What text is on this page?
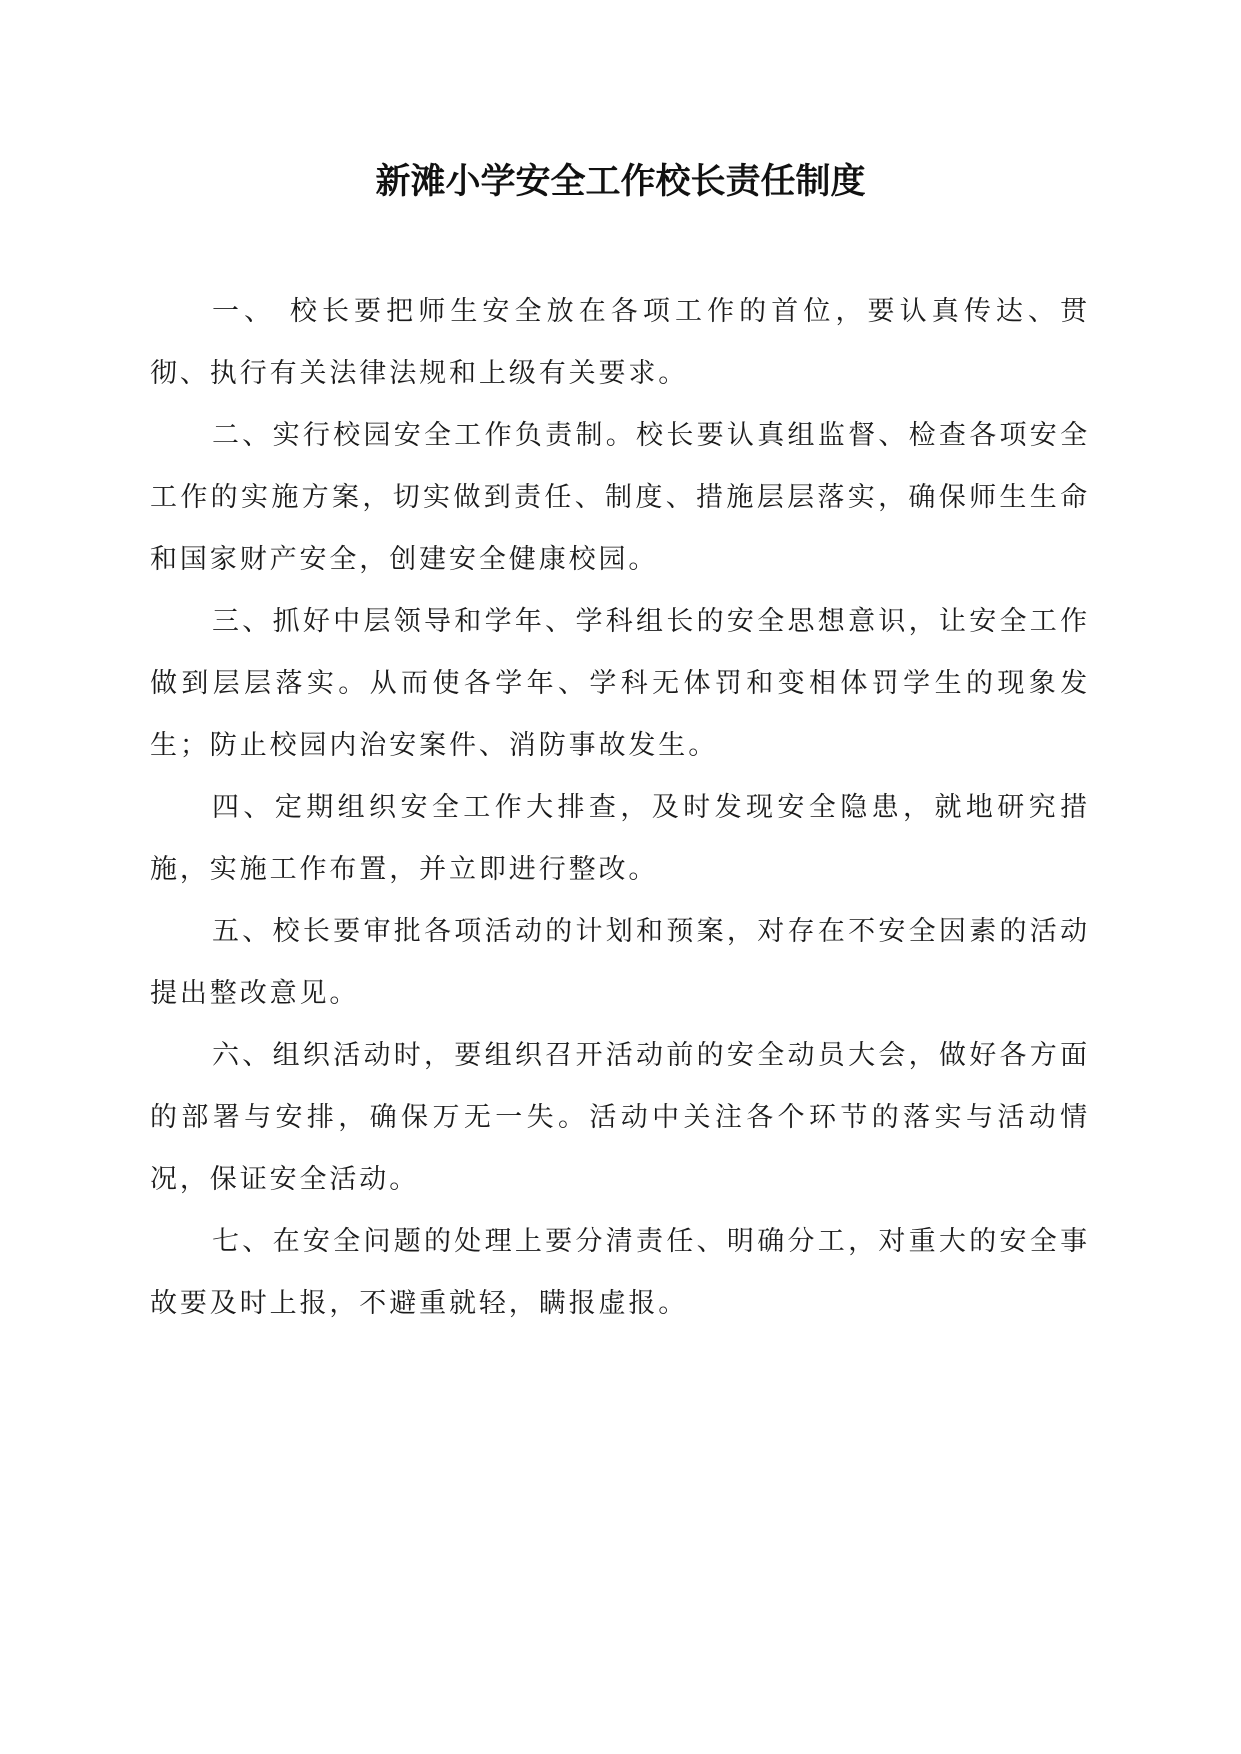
新滩小学安全工作校长责任制度

一、 校长要把师生安全放在各项工作的首位，要认真传达、贯彻、执行有关法律法规和上级有关要求。

二、实行校园安全工作负责制。校长要认真组监督、检查各项安全工作的实施方案，切实做到责任、制度、措施层层落实，确保师生生命和国家财产安全，创建安全健康校园。

三、抓好中层领导和学年、学科组长的安全思想意识，让安全工作做到层层落实。从而使各学年、学科无体罚和变相体罚学生的现象发生；防止校园内治安案件、消防事故发生。

四、定期组织安全工作大排查，及时发现安全隐患，就地研究措施，实施工作布置，并立即进行整改。

五、校长要审批各项活动的计划和预案，对存在不安全因素的活动提出整改意见。

六、组织活动时，要组织召开活动前的安全动员大会，做好各方面的部署与安排，确保万无一失。活动中关注各个环节的落实与活动情况，保证安全活动。

七、在安全问题的处理上要分清责任、明确分工，对重大的安全事故要及时上报，不避重就轻，瞒报虚报。
